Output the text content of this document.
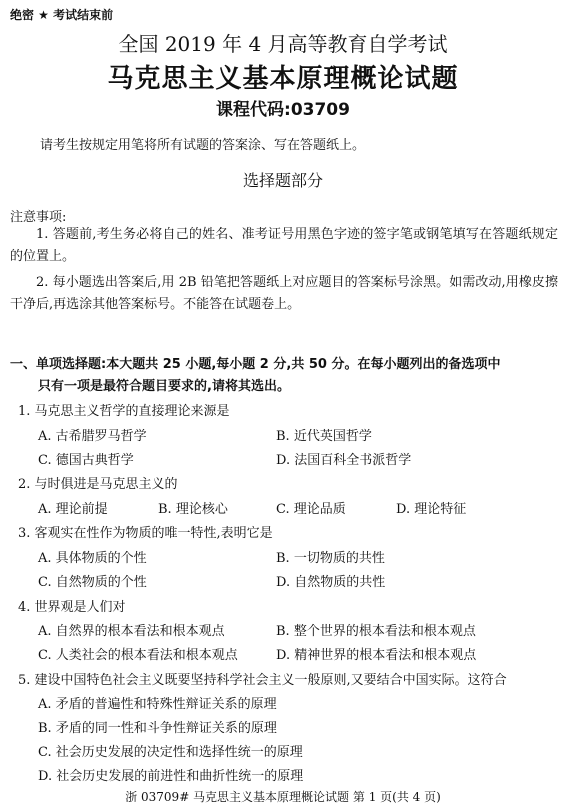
绝密 ★ 考试结束前
全国 2019 年 4 月高等教育自学考试
马克思主义基本原理概论试题
课程代码:03709
请考生按规定用笔将所有试题的答案涂、写在答题纸上。
选择题部分
注意事项:
1. 答题前,考生务必将自己的姓名、准考证号用黑色字迹的签字笔或钢笔填写在答题纸规定的位置上。
2. 每小题选出答案后,用 2B 铅笔把答题纸上对应题目的答案标号涂黑。如需改动,用橡皮擦干净后,再选涂其他答案标号。不能答在试题卷上。
一、单项选择题:本大题共 25 小题,每小题 2 分,共 50 分。在每小题列出的备选项中
只有一项是最符合题目要求的,请将其选出。
1. 马克思主义哲学的直接理论来源是
A. 古希腊罗马哲学	B. 近代英国哲学
C. 德国古典哲学	D. 法国百科全书派哲学
2. 与时俱进是马克思主义的
A. 理论前提	B. 理论核心	C. 理论品质	D. 理论特征
3. 客观实在性作为物质的唯一特性,表明它是
A. 具体物质的个性	B. 一切物质的共性
C. 自然物质的个性	D. 自然物质的共性
4. 世界观是人们对
A. 自然界的根本看法和根本观点	B. 整个世界的根本看法和根本观点
C. 人类社会的根本看法和根本观点	D. 精神世界的根本看法和根本观点
5. 建设中国特色社会主义既要坚持科学社会主义一般原则,又要结合中国实际。这符合
A. 矛盾的普遍性和特殊性辩证关系的原理
B. 矛盾的同一性和斗争性辩证关系的原理
C. 社会历史发展的决定性和选择性统一的原理
D. 社会历史发展的前进性和曲折性统一的原理
浙 03709# 马克思主义基本原理概论试题 第 1 页(共 4 页)
